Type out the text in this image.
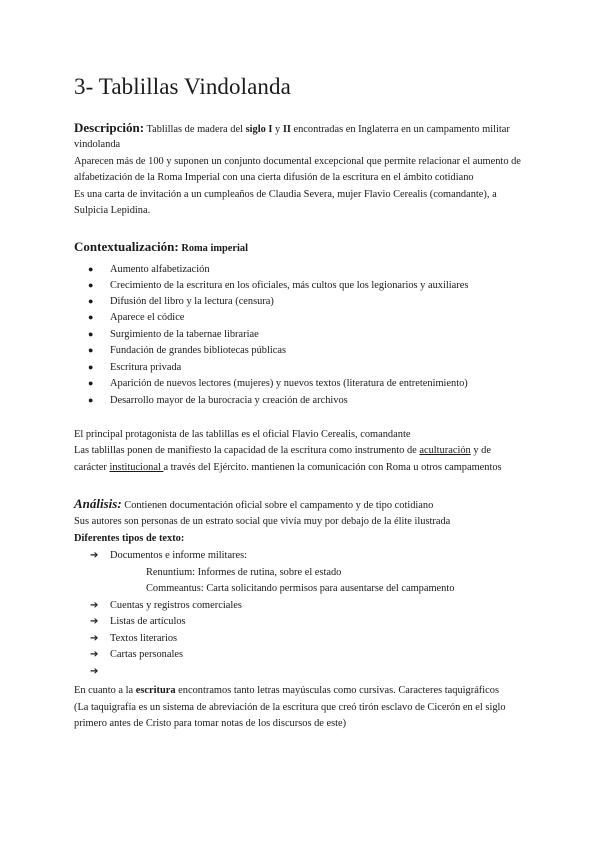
3- Tablillas Vindolanda
Descripción: Tablillas de madera del siglo I y II encontradas en Inglaterra en un campamento militar
vindolanda
Aparecen más de 100 y suponen un conjunto documental excepcional que permite relacionar el aumento de
alfabetización de la Roma Imperial con una cierta difusión de la escritura en el ámbito cotidiano
Es una carta de invitación a un cumpleaños de Claudia Severa, mujer Flavio Cerealis (comandante), a
Sulpicia Lepidina.
Contextualización: Roma imperial
● Aumento alfabetización
● Crecimiento de la escritura en los oficiales, más cultos que los legionarios y auxiliares
● Difusión del libro y la lectura (censura)
● Aparece el códice
● Surgimiento de la tabernae librariae
● Fundación de grandes bibliotecas públicas
● Escritura privada
● Aparición de nuevos lectores (mujeres) y nuevos textos (literatura de entretenimiento)
● Desarrollo mayor de la burocracia y creación de archivos
El principal protagonista de las tablillas es el oficial Flavio Cerealis, comandante
Las tablillas ponen de manifiesto la capacidad de la escritura como instrumento de aculturación y de
carácter institucional a través del Ejército. mantienen la comunicación con Roma u otros campamentos
Análisis: Contienen documentación oficial sobre el campamento y de tipo cotidiano
Sus autores son personas de un estrato social que vivía muy por debajo de la élite ilustrada
Diferentes tipos de texto:
➔ Documentos e informe militares:
Renuntium: Informes de rutina, sobre el estado
Commeantus: Carta solicitando permisos para ausentarse del campamento
➔ Cuentas y registros comerciales
➔ Listas de artículos
➔ Textos literarios
➔ Cartas personales
➔
En cuanto a la escritura encontramos tanto letras mayúsculas como cursivas. Caracteres taquigráficos
(La taquigrafía es un sistema de abreviación de la escritura que creó tirón esclavo de Cicerón en el siglo
primero antes de Cristo para tomar notas de los discursos de este)
